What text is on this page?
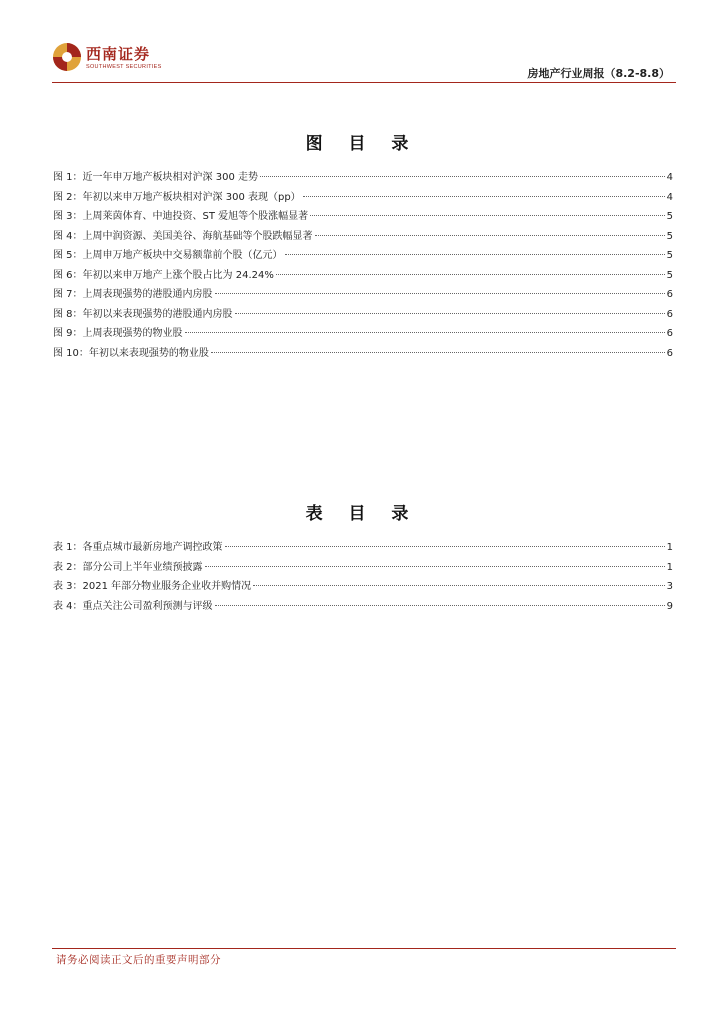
西南证券
SOUTHWEST SECURITIES	房地产行业周报（8.2-8.8）
图 目 录
图 1：近一年申万地产板块相对沪深 300 走势	4
图 2：年初以来申万地产板块相对沪深 300 表现（pp）	4
图 3：上周莱茵体育、中迪投资、ST 爱旭等个股涨幅显著	5
图 4：上周中润资源、美国美谷、海航基础等个股跌幅显著	5
图 5：上周申万地产板块中交易额靠前个股（亿元）	5
图 6：年初以来申万地产上涨个股占比为 24.24%	5
图 7：上周表现强势的港股通内房股	6
图 8：年初以来表现强势的港股通内房股	6
图 9：上周表现强势的物业股	6
图 10：年初以来表现强势的物业股	6
表 目 录
表 1：各重点城市最新房地产调控政策	1
表 2：部分公司上半年业绩预披露	1
表 3：2021 年部分物业服务企业收并购情况	3
表 4：重点关注公司盈利预测与评级	9
请务必阅读正文后的重要声明部分
